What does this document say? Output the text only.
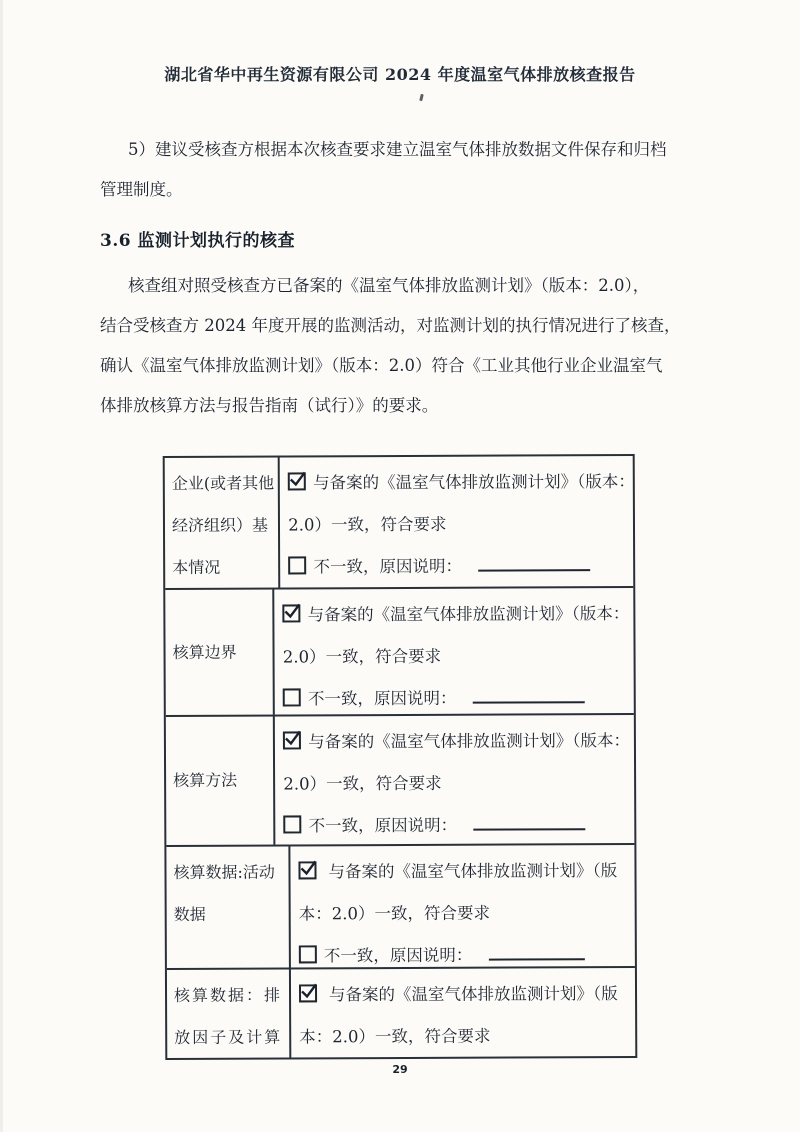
湖北省华中再生资源有限公司 2024 年度温室气体排放核查报告
5）建议受核查方根据本次核查要求建立温室气体排放数据文件保存和归档
管理制度。
3.6 监测计划执行的核查
核查组对照受核查方已备案的《温室气体排放监测计划》（版本：2.0），
结合受核查方 2024 年度开展的监测活动，对监测计划的执行情况进行了核查，
确认《温室气体排放监测计划》（版本：2.0）符合《工业其他行业企业温室气
体排放核算方法与报告指南（试行）》的要求。
企业(或者其他
经济组织）基
本情况
与备案的《温室气体排放监测计划》（版本：
2.0）一致，符合要求
不一致，原因说明：
核算边界
与备案的《温室气体排放监测计划》（版本：
2.0）一致，符合要求
不一致，原因说明：
核算方法
与备案的《温室气体排放监测计划》（版本：
2.0）一致，符合要求
不一致，原因说明：
核算数据:活动
数据
与备案的《温室气体排放监测计划》（版
本：2.0）一致，符合要求
不一致，原因说明：
核算数据：排
放因子及计算
与备案的《温室气体排放监测计划》（版
本：2.0）一致，符合要求
29
